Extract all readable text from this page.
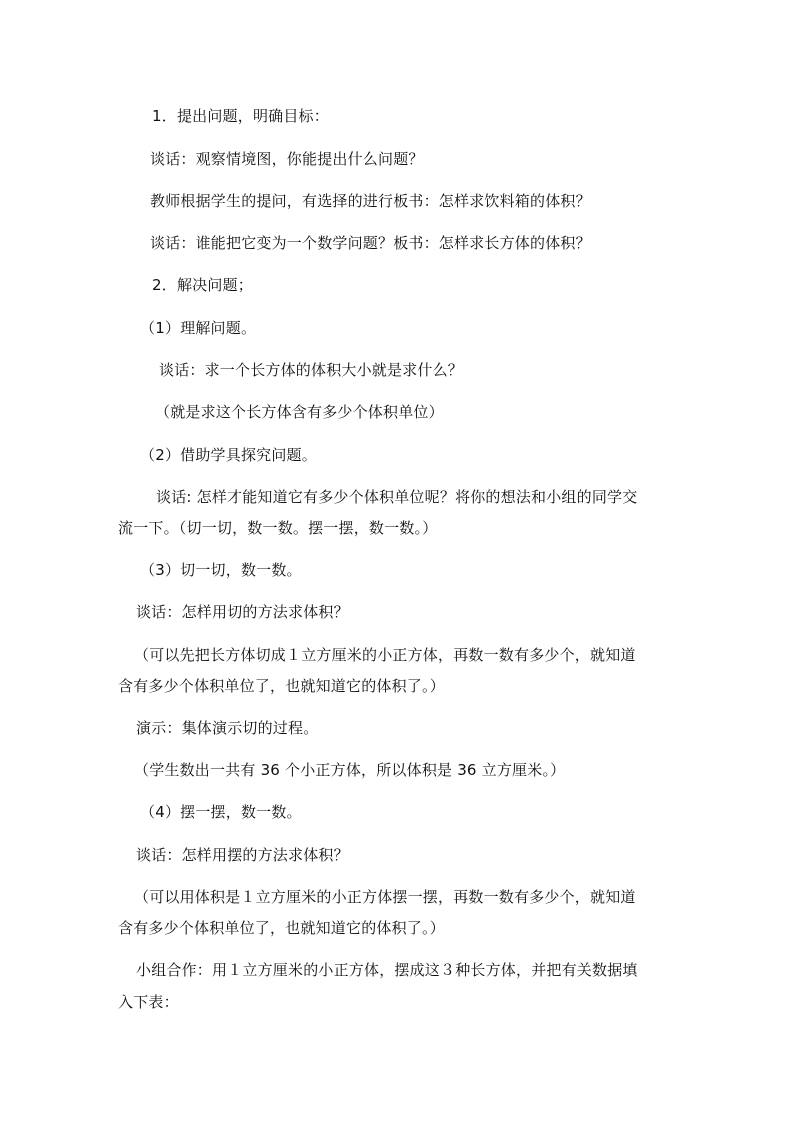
1．提出问题，明确目标：
谈话：观察情境图，你能提出什么问题？
教师根据学生的提问，有选择的进行板书：怎样求饮料箱的体积？
谈话：谁能把它变为一个数学问题？板书：怎样求长方体的体积？
2．解决问题；
（1）理解问题。
谈话：求一个长方体的体积大小就是求什么？
（就是求这个长方体含有多少个体积单位）
（2）借助学具探究问题。
谈话: 怎样才能知道它有多少个体积单位呢？将你的想法和小组的同学交
流一下。（切一切，数一数。摆一摆，数一数。）
（3）切一切，数一数。
谈话：怎样用切的方法求体积？
（可以先把长方体切成１立方厘米的小正方体，再数一数有多少个，就知道
含有多少个体积单位了，也就知道它的体积了。）
演示：集体演示切的过程。
（学生数出一共有 36 个小正方体，所以体积是 36 立方厘米。）
（4）摆一摆，数一数。
谈话：怎样用摆的方法求体积？
（可以用体积是１立方厘米的小正方体摆一摆，再数一数有多少个，就知道
含有多少个体积单位了，也就知道它的体积了。）
小组合作：用１立方厘米的小正方体，摆成这３种长方体，并把有关数据填
入下表：
